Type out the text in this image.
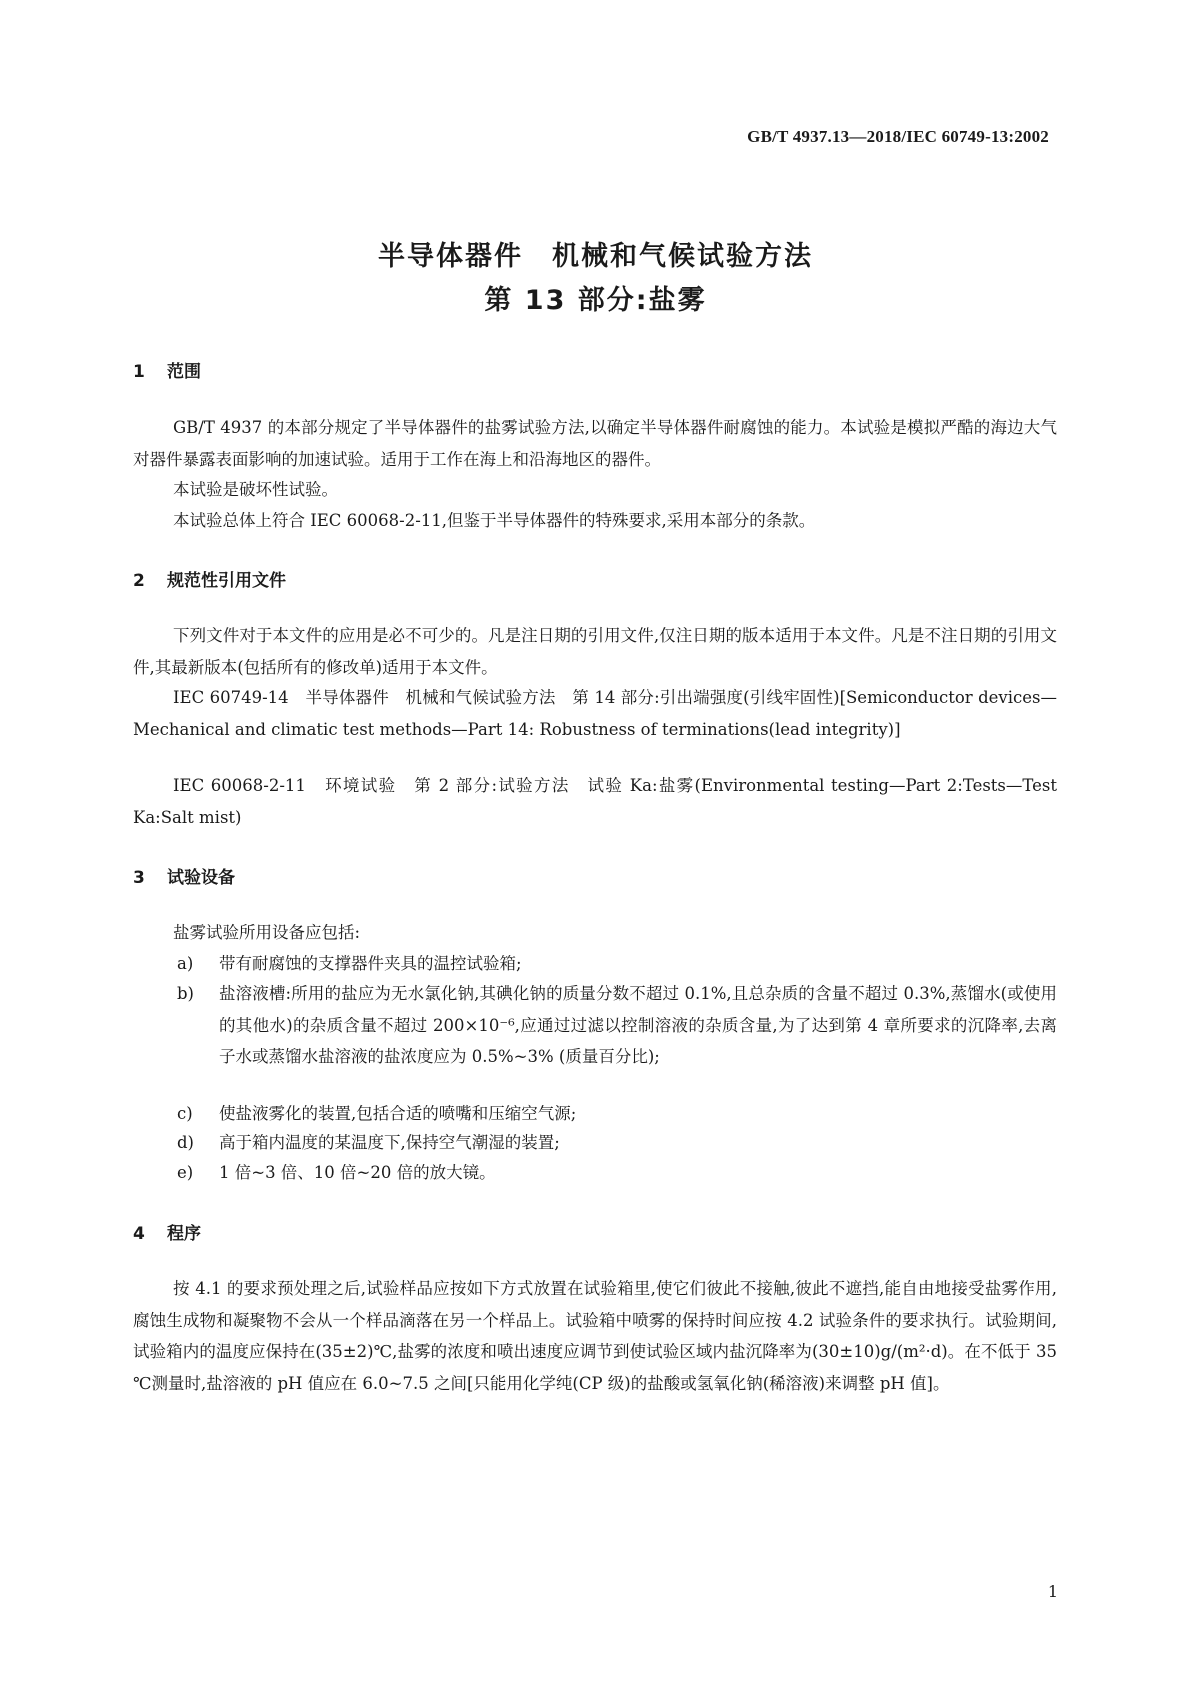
GB/T 4937.13—2018/IEC 60749-13:2002
半导体器件　机械和气候试验方法
第 13 部分:盐雾
1 范围
GB/T 4937 的本部分规定了半导体器件的盐雾试验方法,以确定半导体器件耐腐蚀的能力。本试验是模拟严酷的海边大气对器件暴露表面影响的加速试验。适用于工作在海上和沿海地区的器件。
本试验是破坏性试验。
本试验总体上符合 IEC 60068-2-11,但鉴于半导体器件的特殊要求,采用本部分的条款。
2 规范性引用文件
下列文件对于本文件的应用是必不可少的。凡是注日期的引用文件,仅注日期的版本适用于本文件。凡是不注日期的引用文件,其最新版本(包括所有的修改单)适用于本文件。
IEC 60749-14　半导体器件　机械和气候试验方法　第 14 部分:引出端强度(引线牢固性)[Semiconductor devices—Mechanical and climatic test methods—Part 14: Robustness of terminations(lead integrity)]
IEC 60068-2-11　环境试验　第 2 部分:试验方法　试验 Ka:盐雾(Environmental testing—Part 2:Tests—Test Ka:Salt mist)
3 试验设备
盐雾试验所用设备应包括:
a) 带有耐腐蚀的支撑器件夹具的温控试验箱;
b) 盐溶液槽:所用的盐应为无水氯化钠,其碘化钠的质量分数不超过 0.1%,且总杂质的含量不超过 0.3%,蒸馏水(或使用的其他水)的杂质含量不超过 200×10⁻⁶,应通过过滤以控制溶液的杂质含量,为了达到第 4 章所要求的沉降率,去离子水或蒸馏水盐溶液的盐浓度应为 0.5%~3% (质量百分比);
c) 使盐液雾化的装置,包括合适的喷嘴和压缩空气源;
d) 高于箱内温度的某温度下,保持空气潮湿的装置;
e) 1 倍~3 倍、10 倍~20 倍的放大镜。
4 程序
按 4.1 的要求预处理之后,试验样品应按如下方式放置在试验箱里,使它们彼此不接触,彼此不遮挡,能自由地接受盐雾作用,腐蚀生成物和凝聚物不会从一个样品滴落在另一个样品上。试验箱中喷雾的保持时间应按 4.2 试验条件的要求执行。试验期间,试验箱内的温度应保持在(35±2)℃,盐雾的浓度和喷出速度应调节到使试验区域内盐沉降率为(30±10)g/(m²·d)。在不低于 35 ℃测量时,盐溶液的 pH 值应在 6.0~7.5 之间[只能用化学纯(CP 级)的盐酸或氢氧化钠(稀溶液)来调整 pH 值]。
1
